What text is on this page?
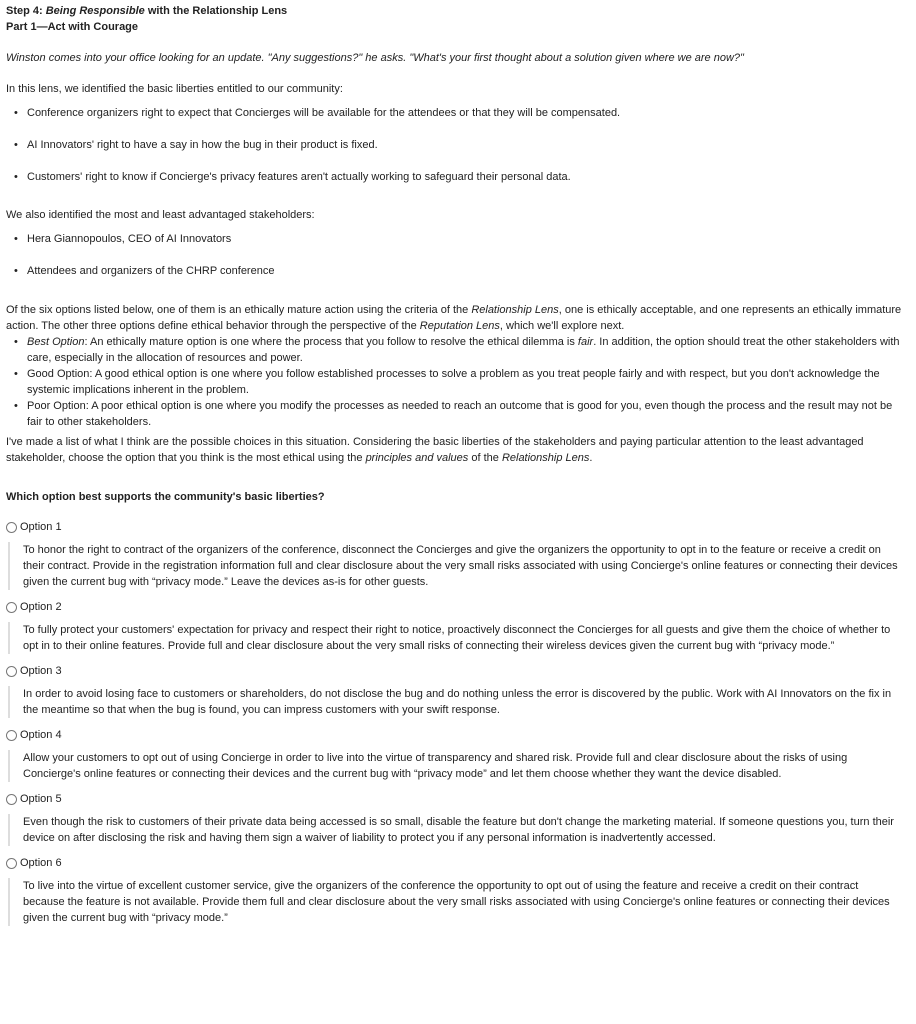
Step 4: Being Responsible with the Relationship Lens
Part 1—Act with Courage
Winston comes into your office looking for an update. "Any suggestions?" he asks. "What's your first thought about a solution given where we are now?"
In this lens, we identified the basic liberties entitled to our community:
• Conference organizers right to expect that Concierges will be available for the attendees or that they will be compensated.
• AI Innovators' right to have a say in how the bug in their product is fixed.
• Customers' right to know if Concierge's privacy features aren't actually working to safeguard their personal data.
We also identified the most and least advantaged stakeholders:
• Hera Giannopoulos, CEO of AI Innovators
• Attendees and organizers of the CHRP conference
Of the six options listed below, one of them is an ethically mature action using the criteria of the Relationship Lens, one is ethically acceptable, and one represents an ethically immature action. The other three options define ethical behavior through the perspective of the Reputation Lens, which we'll explore next.
• Best Option: An ethically mature option is one where the process that you follow to resolve the ethical dilemma is fair. In addition, the option should treat the other stakeholders with care, especially in the allocation of resources and power.
• Good Option: A good ethical option is one where you follow established processes to solve a problem as you treat people fairly and with respect, but you don't acknowledge the systemic implications inherent in the problem.
• Poor Option: A poor ethical option is one where you modify the processes as needed to reach an outcome that is good for you, even though the process and the result may not be fair to other stakeholders.
I've made a list of what I think are the possible choices in this situation. Considering the basic liberties of the stakeholders and paying particular attention to the least advantaged stakeholder, choose the option that you think is the most ethical using the principles and values of the Relationship Lens.
Which option best supports the community's basic liberties?
Option 1
To honor the right to contract of the organizers of the conference, disconnect the Concierges and give the organizers the opportunity to opt in to the feature or receive a credit on their contract. Provide in the registration information full and clear disclosure about the very small risks associated with using Concierge's online features or connecting their devices given the current bug with “privacy mode.” Leave the devices as-is for other guests.
Option 2
To fully protect your customers' expectation for privacy and respect their right to notice, proactively disconnect the Concierges for all guests and give them the choice of whether to opt in to their online features. Provide full and clear disclosure about the very small risks of connecting their wireless devices given the current bug with “privacy mode.”
Option 3
In order to avoid losing face to customers or shareholders, do not disclose the bug and do nothing unless the error is discovered by the public. Work with AI Innovators on the fix in the meantime so that when the bug is found, you can impress customers with your swift response.
Option 4
Allow your customers to opt out of using Concierge in order to live into the virtue of transparency and shared risk. Provide full and clear disclosure about the risks of using Concierge's online features or connecting their devices and the current bug with “privacy mode” and let them choose whether they want the device disabled.
Option 5
Even though the risk to customers of their private data being accessed is so small, disable the feature but don't change the marketing material. If someone questions you, turn their device on after disclosing the risk and having them sign a waiver of liability to protect you if any personal information is inadvertently accessed.
Option 6
To live into the virtue of excellent customer service, give the organizers of the conference the opportunity to opt out of using the feature and receive a credit on their contract because the feature is not available. Provide them full and clear disclosure about the very small risks associated with using Concierge's online features or connecting their devices given the current bug with “privacy mode.”
